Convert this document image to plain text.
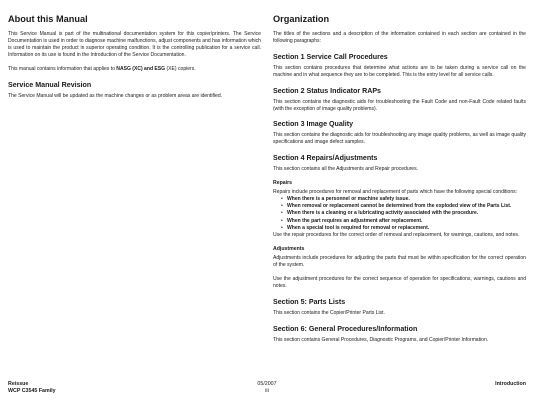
About this Manual

This Service Manual is part of the multinational documentation system for this copier/printers. The Service Documentation is used in order to diagnose machine malfunctions, adjust components and has information which is used to maintain the product in superior operating condition. It is the controlling publication for a service call. Information on its use is found in the Introduction of the Service Documentation.

This manual contains information that applies to NASG (XC) and ESG (XE) copiers.

Service Manual Revision

The Service Manual will be updated as the machine changes or as problem areas are identified.

Organization

The titles of the sections and a description of the information contained in each section are contained in the following paragraphs:

Section 1 Service Call Procedures

This section contains procedures that determine what actions are to be taken during a service call on the machine and in what sequence they are to be completed. This is the entry level for all service calls.

Section 2 Status Indicator RAPs

This section contains the diagnostic aids for troubleshooting the Fault Code and non-Fault Code related faults (with the exception of image quality problems).

Section 3 Image Quality

This section contains the diagnostic aids for troubleshooting any image quality problems, as well as image quality specifications and image defect samples.

Section 4 Repairs/Adjustments

This section contains all the Adjustments and Repair procedures.

Repairs

Repairs include procedures for removal and replacement of parts which have the following special conditions:

• When there is a personnel or machine safety issue.
• When removal or replacement cannot be determined from the exploded view of the Parts List.
• When there is a cleaning or a lubricating activity associated with the procedure.
• When the part requires an adjustment after replacement.
• When a special tool is required for removal or replacement.

Use the repair procedures for the correct order of removal and replacement, for warnings, cautions, and notes.

Adjustments

Adjustments include procedures for adjusting the parts that must be within specification for the correct operation of the system.

Use the adjustment procedures for the correct sequence of operation for specifications, warnings, cautions and notes.

Section 5: Parts Lists

This section contains the Copier/Printer Parts List.

Section 6: General Procedures/Information

This section contains General Procedures, Diagnostic Programs, and Copier/Printer Information.

Reissue
WCP C3545 Family
05/2007
iii
Introduction
